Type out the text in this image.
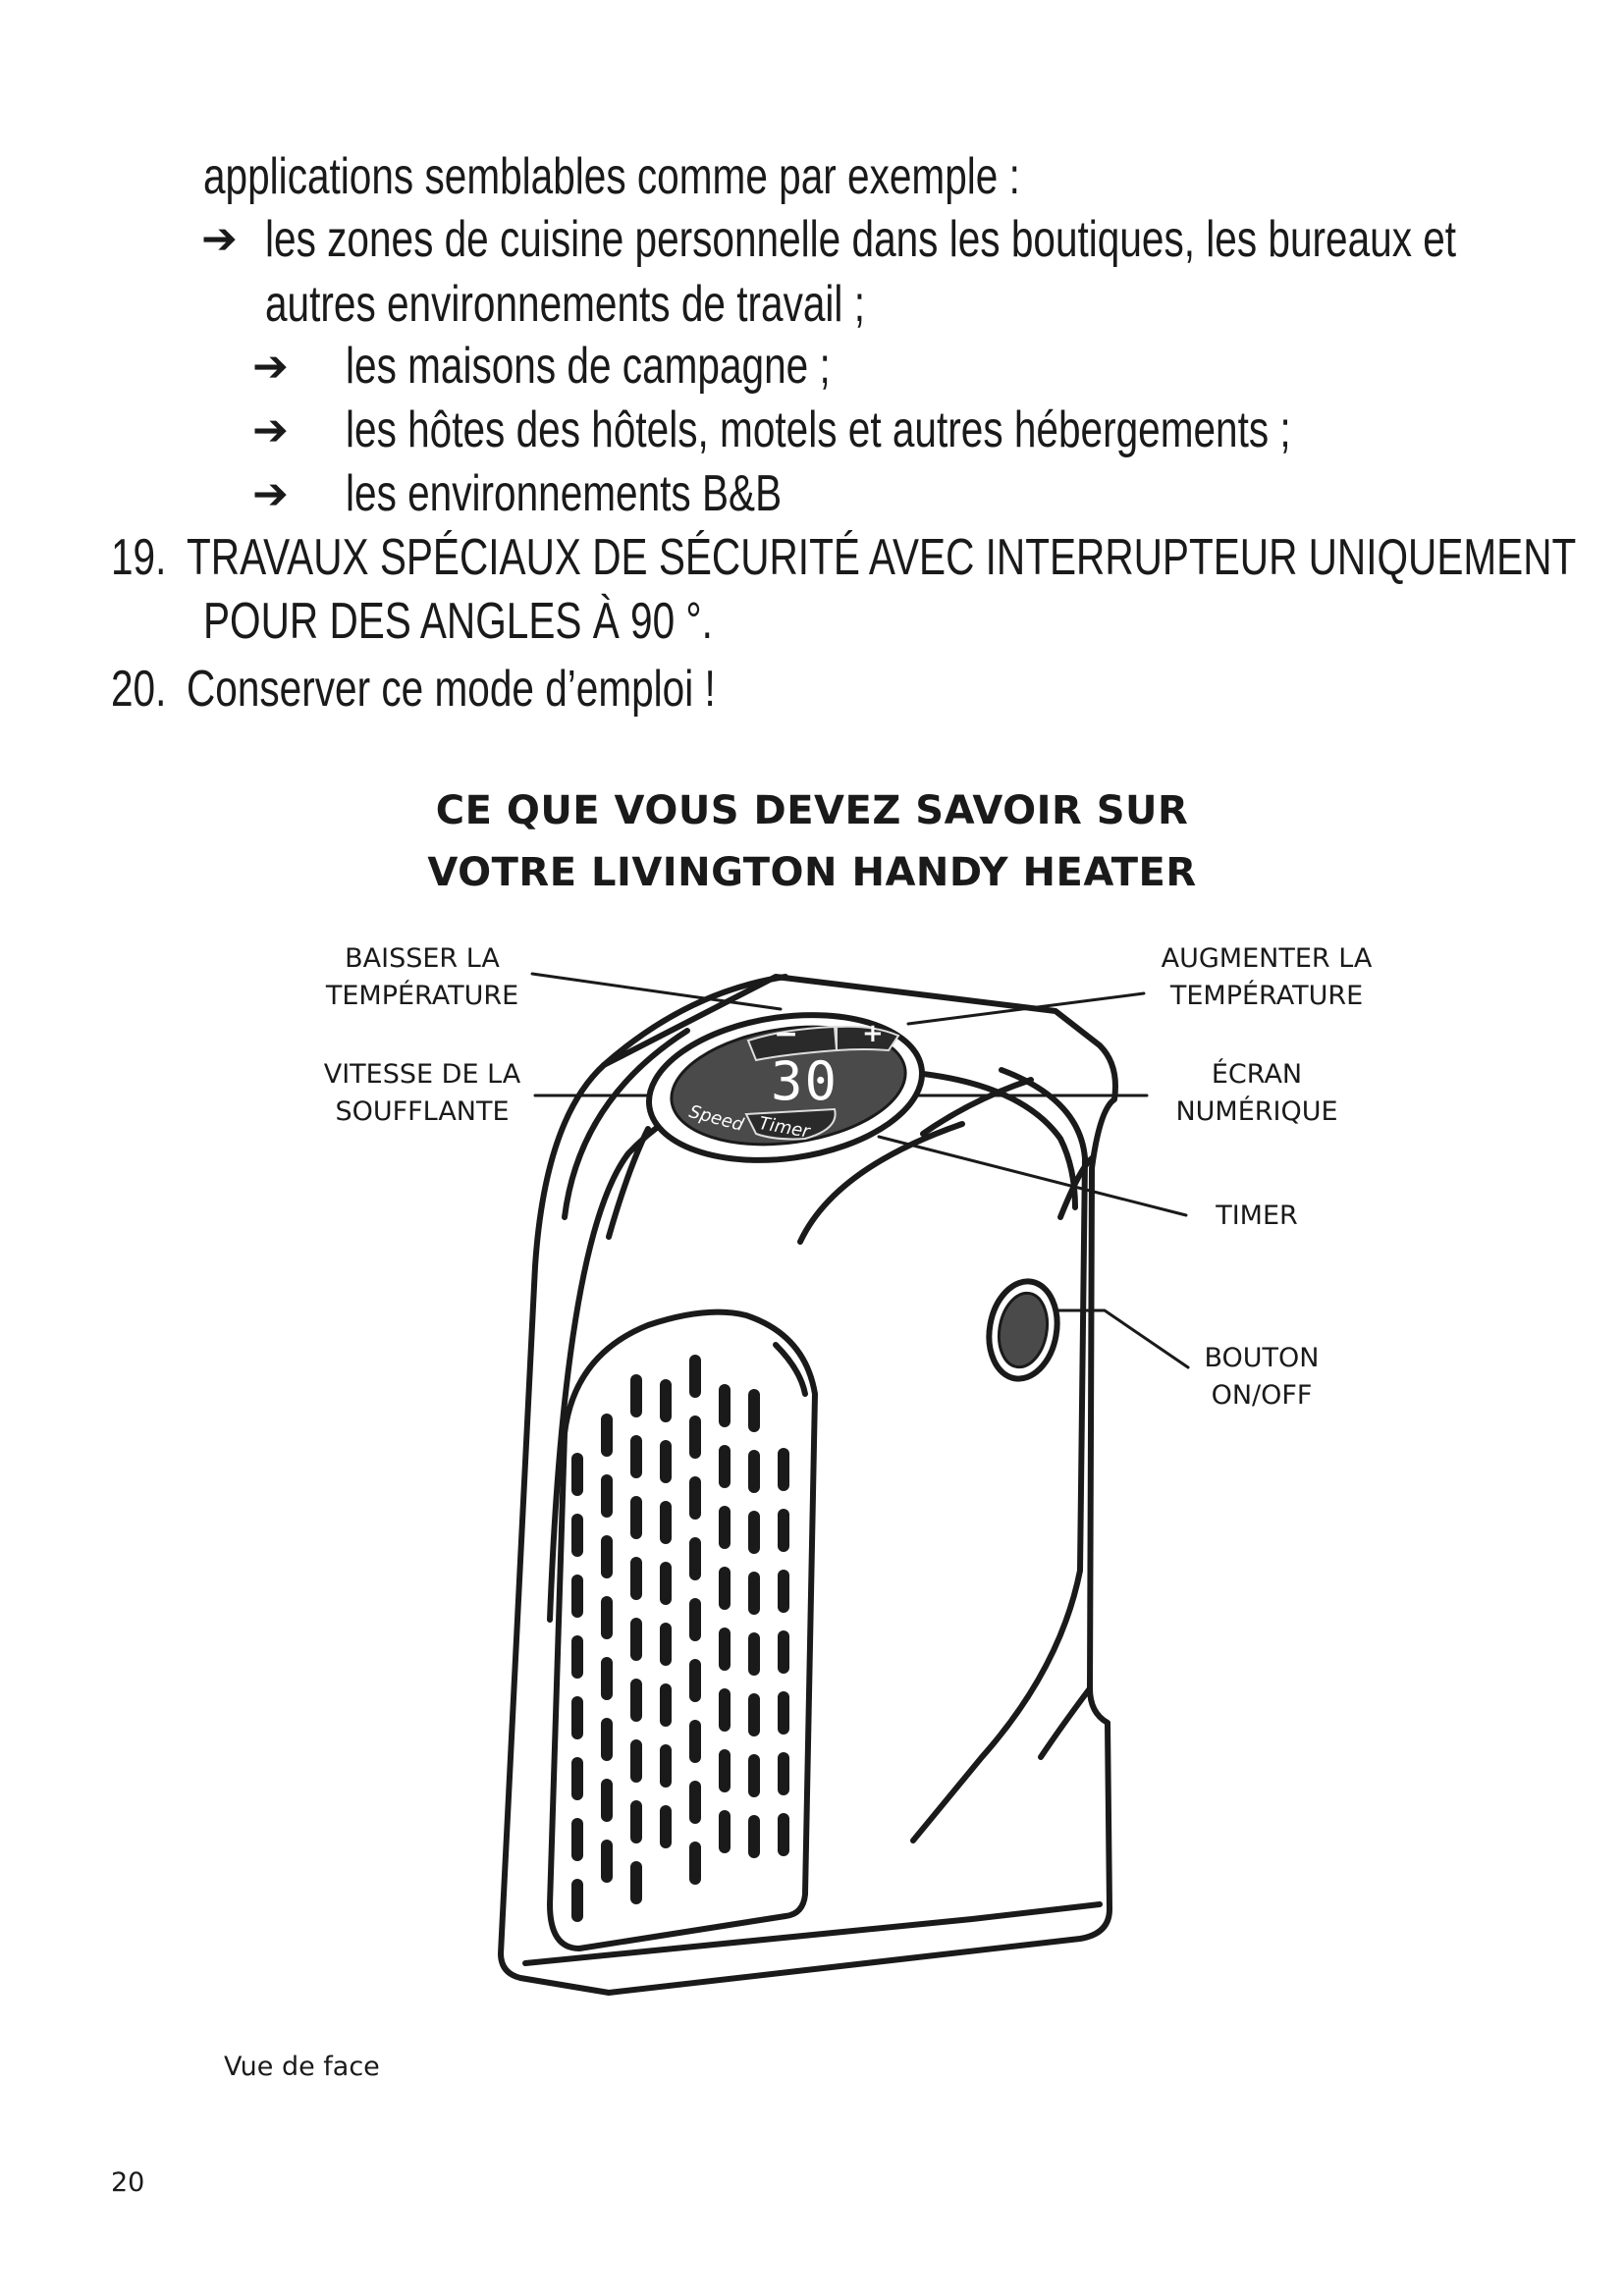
applications semblables comme par exemple :
➔ les zones de cuisine personnelle dans les boutiques, les bureaux et
autres environnements de travail ;
➔ les maisons de campagne ;
➔ les hôtes des hôtels, motels et autres hébergements ;
➔ les environnements B&B
19. TRAVAUX SPÉCIAUX DE SÉCURITÉ AVEC INTERRUPTEUR UNIQUEMENT
POUR DES ANGLES À 90 °.
20. Conserver ce mode d’emploi !
CE QUE VOUS DEVEZ SAVOIR SUR
VOTRE LIVINGTON HANDY HEATER
BAISSER LA
TEMPÉRATURE
VITESSE DE LA
SOUFFLANTE
AUGMENTER LA
TEMPÉRATURE
ÉCRAN
NUMÉRIQUE
TIMER
BOUTON
ON/OFF
− +
30
Speed Timer
Vue de face
20
